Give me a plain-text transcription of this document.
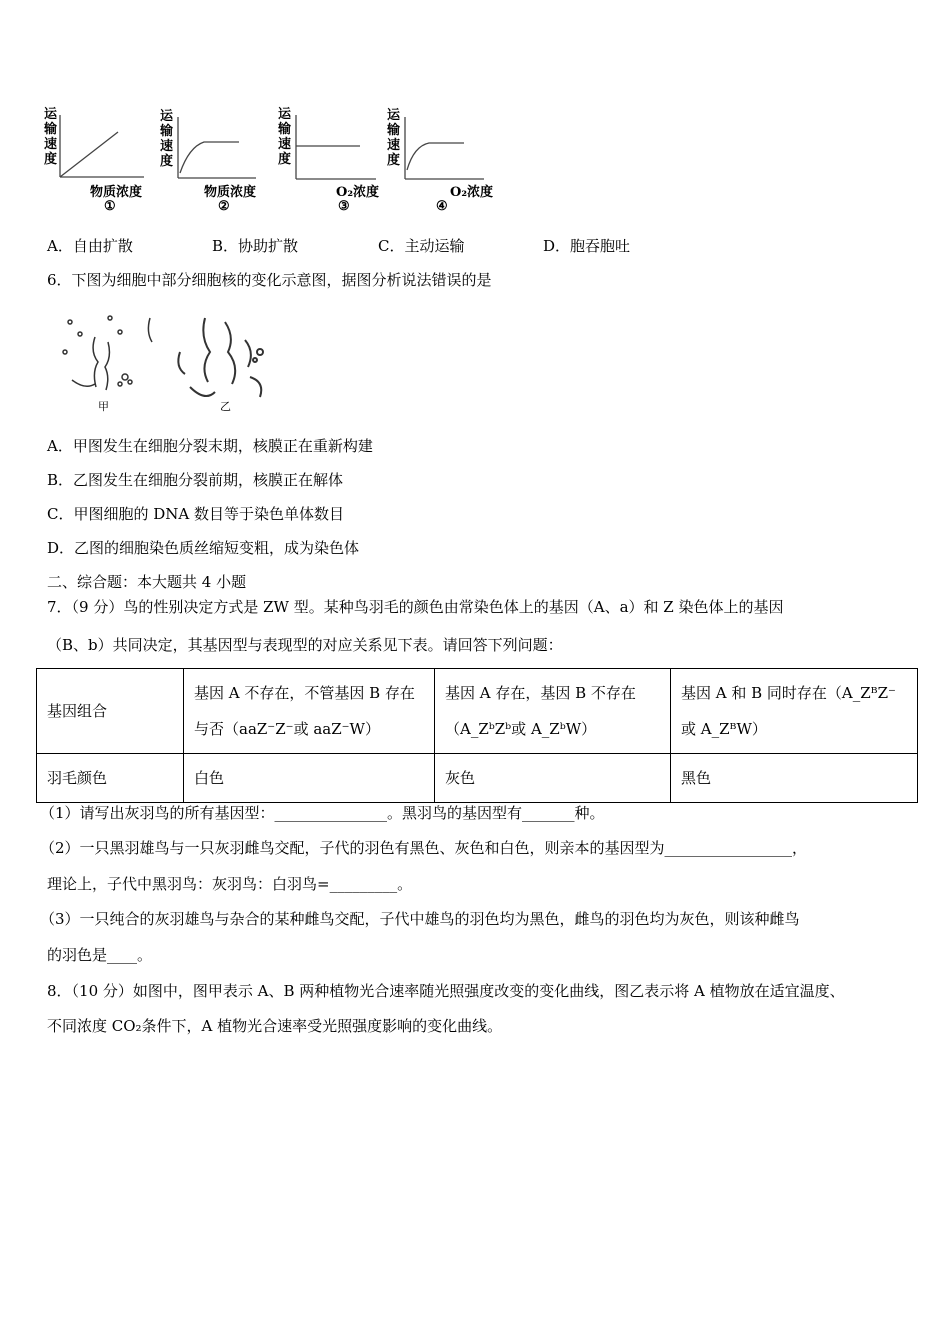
运输速度
物质浓度
①
运输速度
物质浓度
②
运输速度
O₂浓度
③
运输速度
O₂浓度
④
A．自由扩散	B．协助扩散	C．主动运输	D．胞吞胞吐
6．下图为细胞中部分细胞核的变化示意图，据图分析说法错误的是
甲	乙
A．甲图发生在细胞分裂末期，核膜正在重新构建
B．乙图发生在细胞分裂前期，核膜正在解体
C．甲图细胞的 DNA 数目等于染色单体数目
D．乙图的细胞染色质丝缩短变粗，成为染色体
二、综合题：本大题共 4 小题
7．（9 分）鸟的性别决定方式是 ZW 型。某种鸟羽毛的颜色由常染色体上的基因（A、a）和 Z 染色体上的基因
（B、b）共同决定，其基因型与表现型的对应关系见下表。请回答下列问题：
基因组合	基因 A 不存在，不管基因 B 存在与否（aaZ⁻Z⁻或 aaZ⁻W）	基因 A 存在，基因 B 不存在（A_ZᵇZᵇ或 A_ZᵇW）	基因 A 和 B 同时存在（A_ZᴮZ⁻或 A_ZᴮW）
羽毛颜色	白色	灰色	黑色
（1）请写出灰羽鸟的所有基因型：_______________。黑羽鸟的基因型有_______种。
（2）一只黑羽雄鸟与一只灰羽雌鸟交配，子代的羽色有黑色、灰色和白色，则亲本的基因型为_________________，
理论上，子代中黑羽鸟：灰羽鸟：白羽鸟=_________。
（3）一只纯合的灰羽雄鸟与杂合的某种雌鸟交配，子代中雄鸟的羽色均为黑色，雌鸟的羽色均为灰色，则该种雌鸟
的羽色是____。
8．（10 分）如图中，图甲表示 A、B 两种植物光合速率随光照强度改变的变化曲线，图乙表示将 A 植物放在适宜温度、
不同浓度 CO₂条件下，A 植物光合速率受光照强度影响的变化曲线。
